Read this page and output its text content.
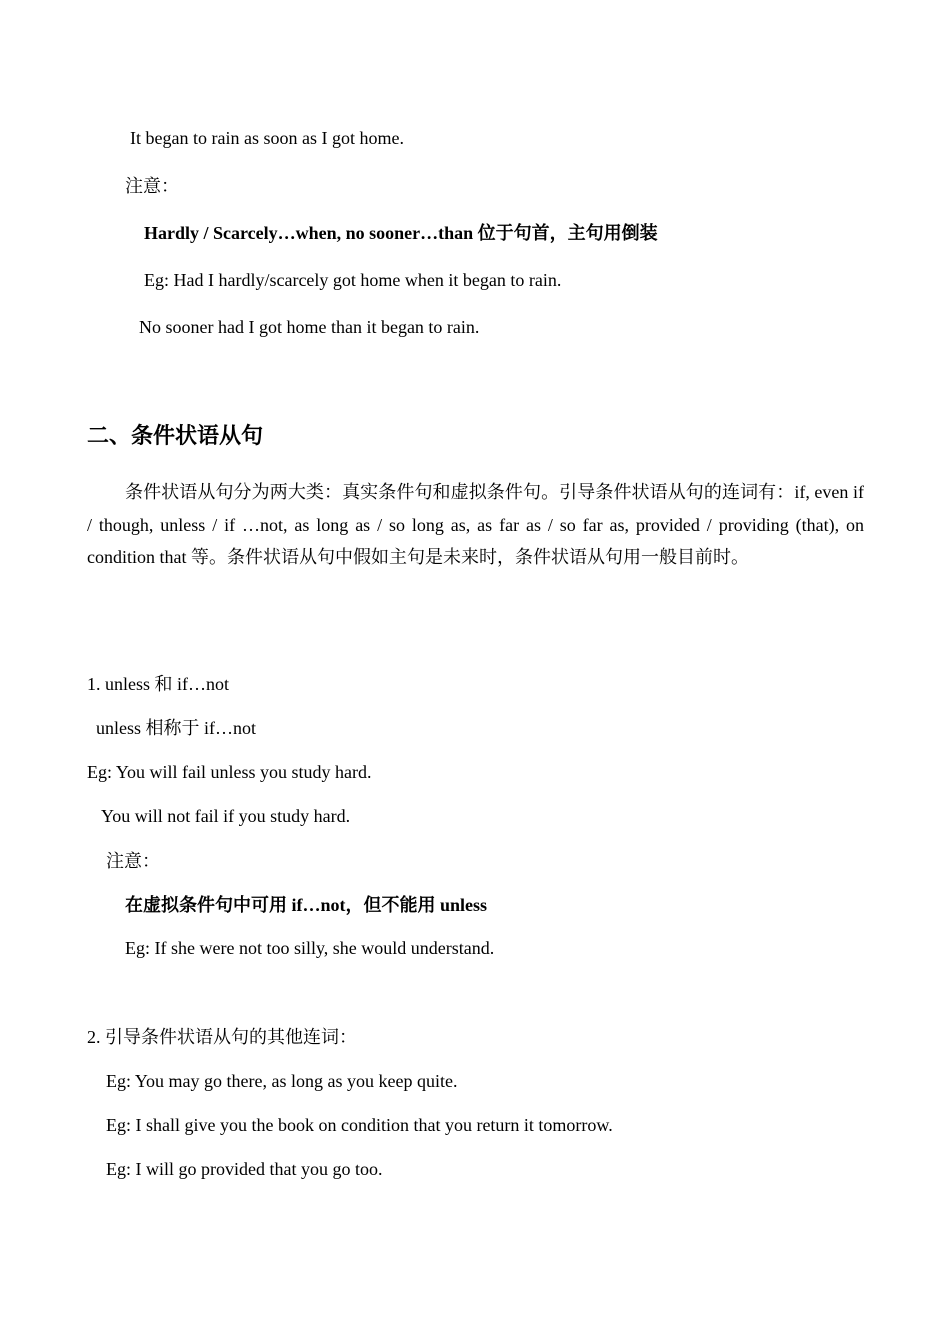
It began to rain as soon as I got home.
注意：
Hardly / Scarcely…when, no sooner…than 位于句首，主句用倒装
Eg: Had I hardly/scarcely got home when it began to rain.
No sooner had I got home than it began to rain.
二、条件状语从句
条件状语从句分为两大类：真实条件句和虚拟条件句。引导条件状语从句的连词有：if, even if / though, unless / if …not, as long as / so long as, as far as / so far as, provided / providing (that), on condition that 等。条件状语从句中假如主句是未来时，条件状语从句用一般目前时。
1. unless 和 if…not
unless 相称于 if…not
Eg: You will fail unless you study hard.
You will not fail if you study hard.
注意：
在虚拟条件句中可用 if…not，但不能用 unless
Eg: If she were not too silly, she would understand.
2. 引导条件状语从句的其他连词：
Eg: You may go there, as long as you keep quite.
Eg: I shall give you the book on condition that you return it tomorrow.
Eg: I will go provided that you go too.
